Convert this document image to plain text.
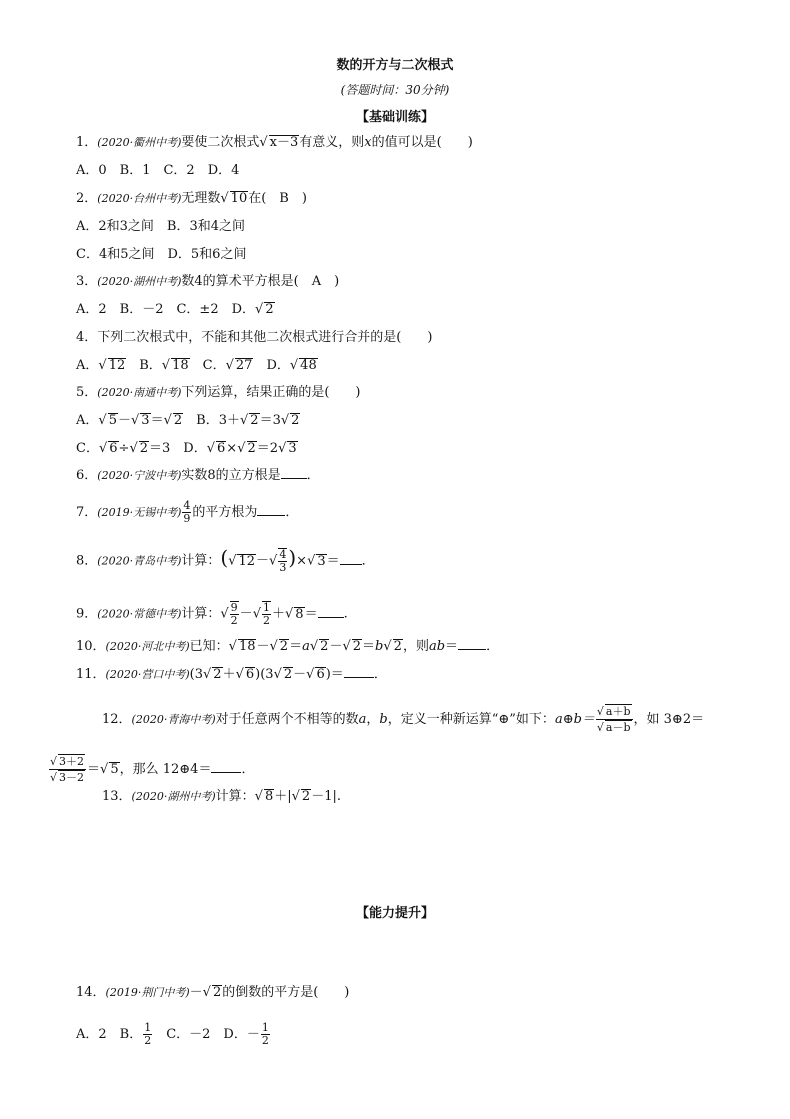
数的开方与二次根式
(答题时间：30分钟)
【基础训练】
1．(2020·衢州中考)要使二次根式√ x－3有意义，则x的值可以是(　　)
A．0　B．1　C．2　D．4
2．(2020·台州中考)无理数√ 10在(　B　)
A．2和3之间　B．3和4之间
C．4和5之间　D．5和6之间
3．(2020·湖州中考)数4的算术平方根是(　A　)
A．2　B．－2　C．±2　D．√ 2
4．下列二次根式中，不能和其他二次根式进行合并的是(　　)
A．√ 12　B．√ 18　C．√ 27　D．√ 48
5．(2020·南通中考)下列运算，结果正确的是(　　)
A．√ 5－√ 3＝√ 2　B．3＋√ 2＝3√ 2
C．√ 6÷√ 2＝3　D．√ 6×√ 2＝2√ 3
6．(2020·宁波中考)实数8的立方根是 ．
7．(2019·无锡中考) $\frac{4}{9}$ 的平方根为 ．
8．(2020·青岛中考)计算：(√ $12-√ \frac{4}{3}$ )×√ 3＝ ．
9．(2020·常德中考)计算：√ $\frac{9}{2}$ －√ $\frac{1}{2}$ ＋√ 8＝ .
10．(2020·河北中考)已知：√ 18－√ 2＝a√ 2－√ 2＝b√ 2，则ab＝ ．
11．(2020·营口中考)(3√ 2＋√ 6)(3√ 2－√ 6)＝ ．
12．(2020·青海中考)对于任意两个不相等的数a，b，定义一种新运算“⊕”如下：a⊕b＝ $\frac{√ a+b}{√ a-b}$ ，如 3⊕2＝
$\frac{√ 3+2}{√ 3-2}$ ＝√ 5，那么 12⊕4＝ ．
13．(2020·湖州中考)计算：√ 8＋|√ 2－1|.
【能力提升】
14．(2019·荆门中考)－√ 2的倒数的平方是(　　)
A．2　B． $\frac{1}{2}$ 　C．－2　D．－ $\frac{1}{2}$
